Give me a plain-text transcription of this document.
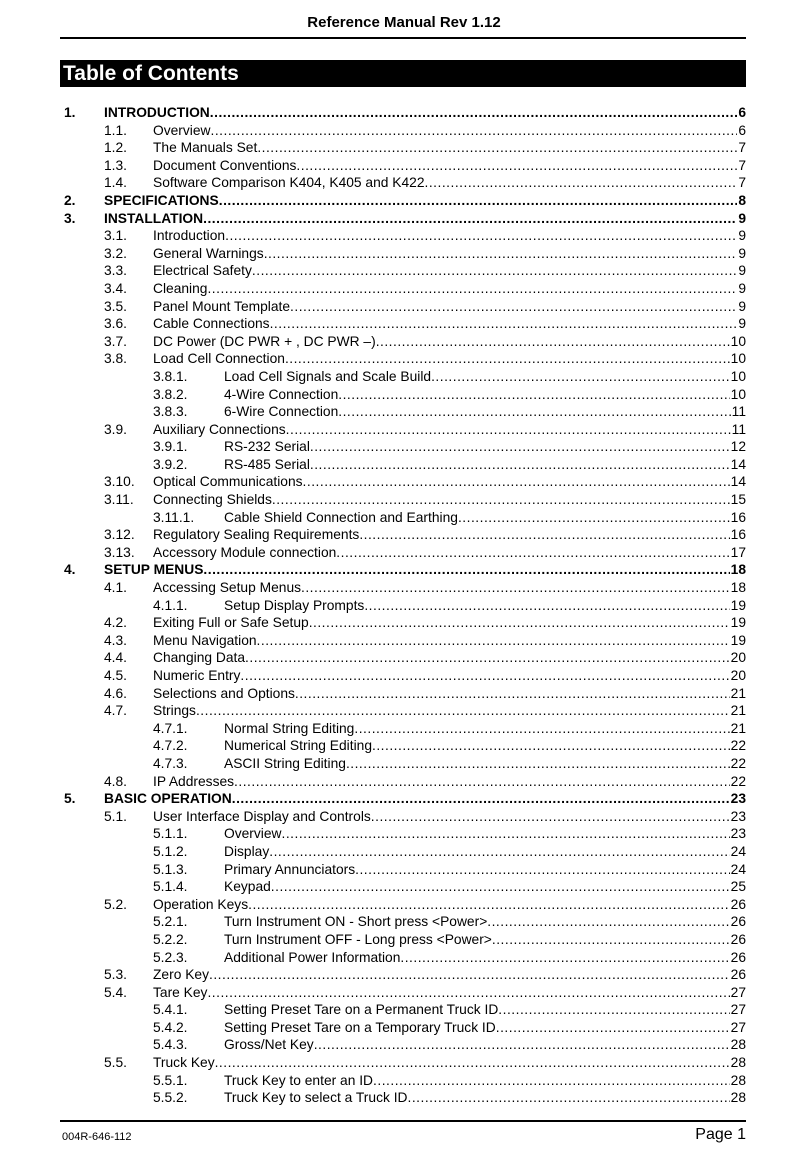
Reference Manual Rev 1.12
Table of Contents
1. INTRODUCTION .....	6
1.1. Overview .....	6
1.2. The Manuals Set .....	7
1.3. Document Conventions .....	7
1.4. Software Comparison K404, K405 and K422 .....	7
2. SPECIFICATIONS .....	8
3. INSTALLATION .....	9
3.1. Introduction .....	9
3.2. General Warnings .....	9
3.3. Electrical Safety .....	9
3.4. Cleaning .....	9
3.5. Panel Mount Template .....	9
3.6. Cable Connections .....	9
3.7. DC Power (DC PWR + , DC PWR –) .....	10
3.8. Load Cell Connection .....	10
3.8.1.	Load Cell Signals and Scale Build .....	10
3.8.2.	4-Wire Connection .....	10
3.8.3.	6-Wire Connection .....	11
3.9. Auxiliary Connections .....	11
3.9.1.	RS-232 Serial .....	12
3.9.2.	RS-485 Serial .....	14
3.10. Optical Communications .....	14
3.11. Connecting Shields .....	15
3.11.1. Cable Shield Connection and Earthing .....	16
3.12. Regulatory Sealing Requirements .....	16
3.13. Accessory Module connection .....	17
4. SETUP MENUS .....	18
4.1. Accessing Setup Menus .....	18
4.1.1.	Setup Display Prompts .....	19
4.2. Exiting Full or Safe Setup .....	19
4.3. Menu Navigation .....	19
4.4. Changing Data .....	20
4.5. Numeric Entry .....	20
4.6. Selections and Options .....	21
4.7. Strings .....	21
4.7.1.	Normal String Editing .....	21
4.7.2.	Numerical String Editing .....	22
4.7.3.	ASCII String Editing .....	22
4.8. IP Addresses .....	22
5. BASIC OPERATION .....	23
5.1. User Interface Display and Controls .....	23
5.1.1.	Overview .....	23
5.1.2.	Display .....	24
5.1.3.	Primary Annunciators .....	24
5.1.4.	Keypad .....	25
5.2. Operation Keys .....	26
5.2.1.	Turn Instrument ON - Short press <Power> .....	26
5.2.2.	Turn Instrument OFF - Long press <Power> .....	26
5.2.3.	Additional Power Information .....	26
5.3. Zero Key .....	26
5.4. Tare Key .....	27
5.4.1.	Setting Preset Tare on a Permanent Truck ID .....	27
5.4.2.	Setting Preset Tare on a Temporary Truck ID .....	27
5.4.3.	Gross/Net Key .....	28
5.5. Truck Key .....	28
5.5.1.	Truck Key to enter an ID .....	28
5.5.2.	Truck Key to select a Truck ID .....	28
004R-646-112	Page 1
